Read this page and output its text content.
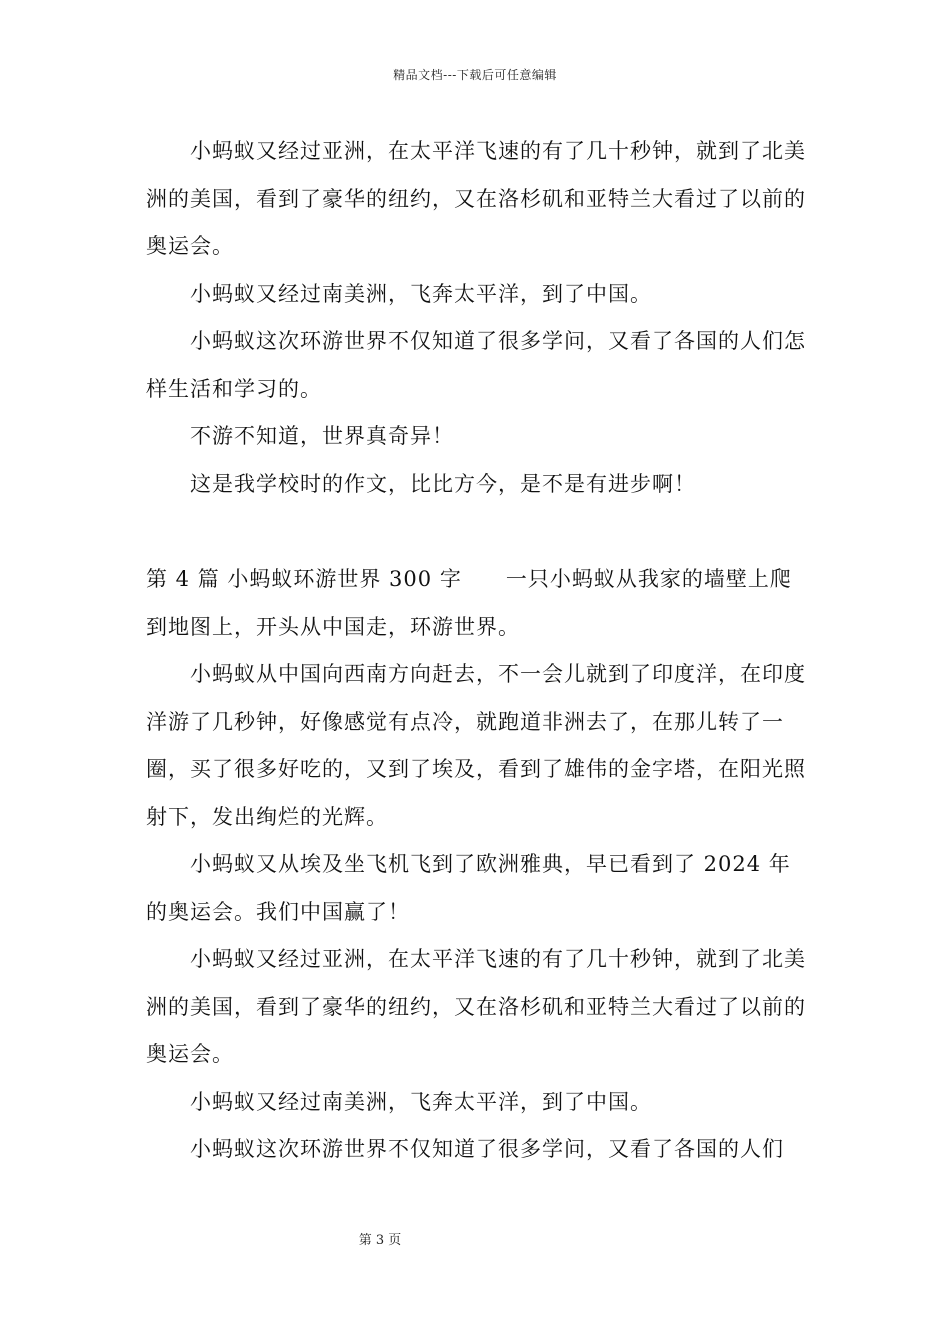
精品文档---下载后可任意编辑

小蚂蚁又经过亚洲，在太平洋飞速的有了几十秒钟，就到了北美洲的美国，看到了豪华的纽约，又在洛杉矶和亚特兰大看过了以前的奥运会。

小蚂蚁又经过南美洲，飞奔太平洋，到了中国。

小蚂蚁这次环游世界不仅知道了很多学问，又看了各国的人们怎样生活和学习的。

不游不知道，世界真奇异！

这是我学校时的作文，比比方今，是不是有进步啊！

第 4 篇 小蚂蚁环游世界 300 字 一只小蚂蚁从我家的墙壁上爬到地图上，开头从中国走，环游世界。

小蚂蚁从中国向西南方向赶去，不一会儿就到了印度洋，在印度洋游了几秒钟，好像感觉有点冷，就跑道非洲去了，在那儿转了一圈，买了很多好吃的，又到了埃及，看到了雄伟的金字塔，在阳光照射下，发出绚烂的光辉。

小蚂蚁又从埃及坐飞机飞到了欧洲雅典，早已看到了 2024 年的奥运会。我们中国赢了！

小蚂蚁又经过亚洲，在太平洋飞速的有了几十秒钟，就到了北美洲的美国，看到了豪华的纽约，又在洛杉矶和亚特兰大看过了以前的奥运会。

小蚂蚁又经过南美洲，飞奔太平洋，到了中国。

小蚂蚁这次环游世界不仅知道了很多学问，又看了各国的人们

第 3 页
